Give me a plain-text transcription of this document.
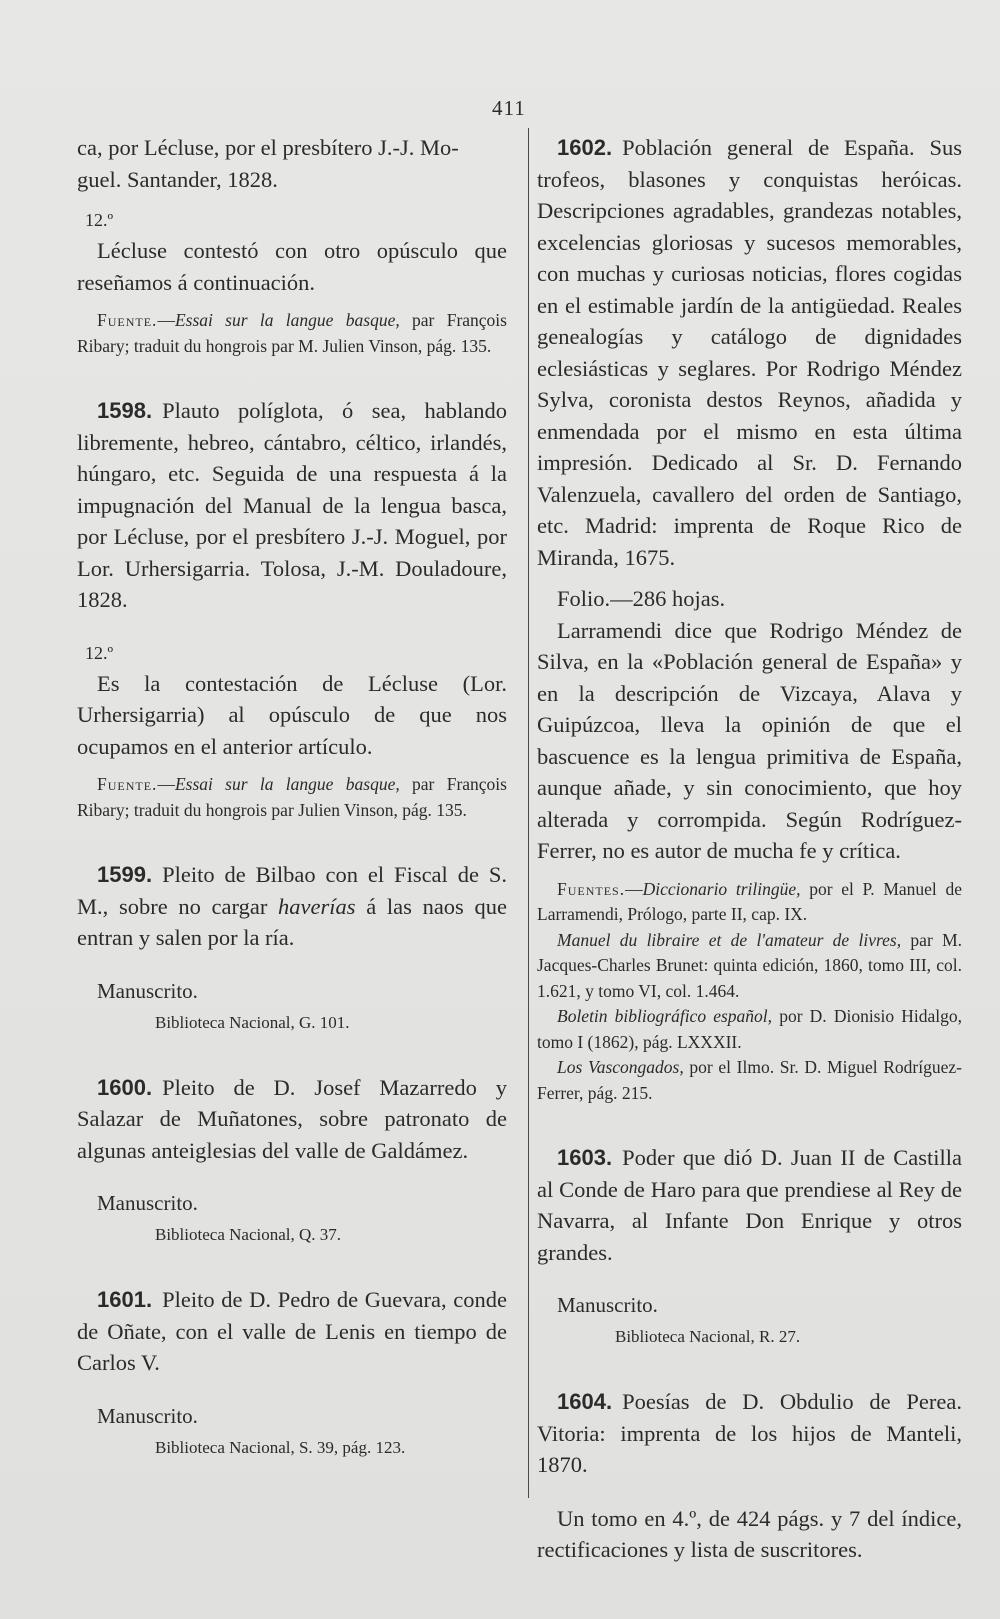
411

ca, por Lécluse, por el presbítero J.-J. Mo-
guel. Santander, 1828.

12.º

Lécluse contestó con otro opúsculo que reseñamos á continuación.

Fuente.—Essai sur la langue basque, par François Ribary; traduit du hongrois par M. Julien Vinson, pág. 135.

1598. Plauto políglota, ó sea, hablando libremente, hebreo, cántabro, céltico, irlandés, húngaro, etc. Seguida de una respuesta á la impugnación del Manual de la lengua basca, por Lécluse, por el presbítero J.-J. Moguel, por Lor. Urhersigarria. Tolosa, J.-M. Douladoure, 1828.

12.º

Es la contestación de Lécluse (Lor. Urhersigarria) al opúsculo de que nos ocupamos en el anterior artículo.

Fuente.—Essai sur la langue basque, par François Ribary; traduit du hongrois par Julien Vinson, pág. 135.

1599. Pleito de Bilbao con el Fiscal de S. M., sobre no cargar haverías á las naos que entran y salen por la ría.

Manuscrito.

Biblioteca Nacional, G. 101.

1600. Pleito de D. Josef Mazarredo y Salazar de Muñatones, sobre patronato de algunas anteiglesias del valle de Galdámez.

Manuscrito.

Biblioteca Nacional, Q. 37.

1601. Pleito de D. Pedro de Guevara, conde de Oñate, con el valle de Lenis en tiempo de Carlos V.

Manuscrito.

Biblioteca Nacional, S. 39, pág. 123.

1602. Población general de España. Sus trofeos, blasones y conquistas heróicas. Descripciones agradables, grandezas notables, excelencias gloriosas y sucesos memorables, con muchas y curiosas noticias, flores cogidas en el estimable jardín de la antigüedad. Reales genealogías y catálogo de dignidades eclesiásticas y seglares. Por Rodrigo Méndez Sylva, coronista destos Reynos, añadida y enmendada por el mismo en esta última impresión. Dedicado al Sr. D. Fernando Valenzuela, cavallero del orden de Santiago, etc. Madrid: imprenta de Roque Rico de Miranda, 1675.

Folio.—286 hojas.

Larramendi dice que Rodrigo Méndez de Silva, en la «Población general de España» y en la descripción de Vizcaya, Alava y Guipúzcoa, lleva la opinión de que el bascuence es la lengua primitiva de España, aunque añade, y sin conocimiento, que hoy alterada y corrompida. Según Rodríguez-Ferrer, no es autor de mucha fe y crítica.

Fuentes.—Diccionario trilingüe, por el P. Manuel de Larramendi, Prólogo, parte II, cap. IX.

Manuel du libraire et de l'amateur de livres, par M. Jacques-Charles Brunet: quinta edición, 1860, tomo III, col. 1.621, y tomo VI, col. 1.464.

Boletin bibliográfico español, por D. Dionisio Hidalgo, tomo I (1862), pág. LXXXII.

Los Vascongados, por el Ilmo. Sr. D. Miguel Rodríguez-Ferrer, pág. 215.

1603. Poder que dió D. Juan II de Castilla al Conde de Haro para que prendiese al Rey de Navarra, al Infante Don Enrique y otros grandes.

Manuscrito.

Biblioteca Nacional, R. 27.

1604. Poesías de D. Obdulio de Perea. Vitoria: imprenta de los hijos de Manteli, 1870.

Un tomo en 4.º, de 424 págs. y 7 del índice, rectificaciones y lista de suscritores.
